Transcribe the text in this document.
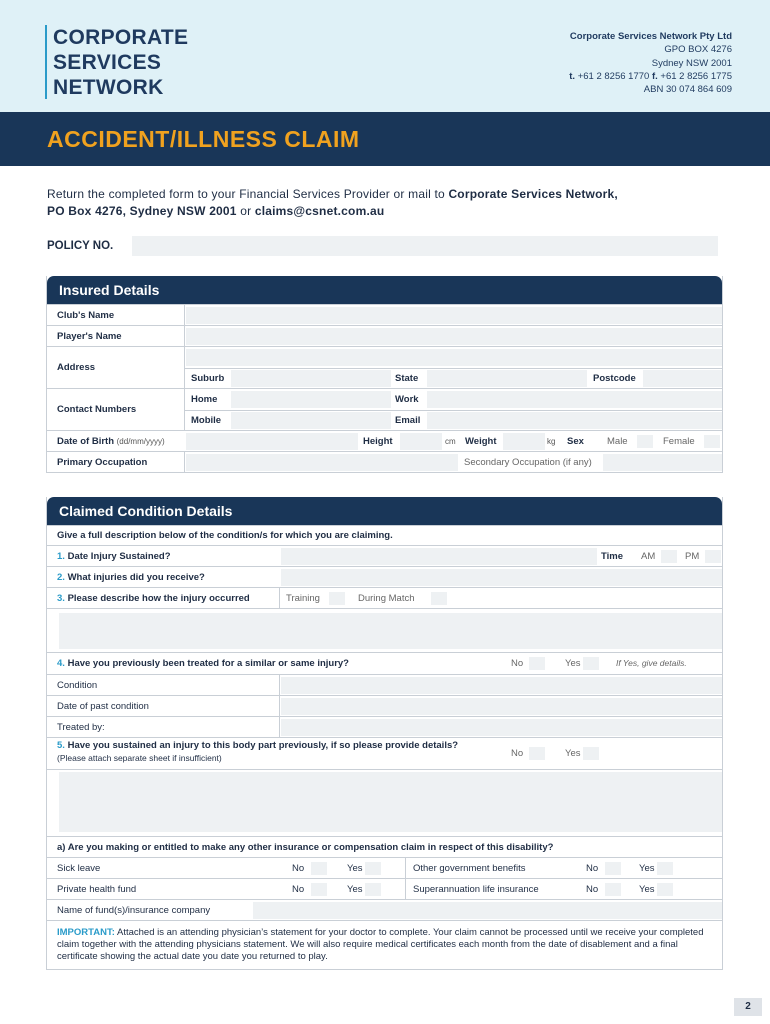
CORPORATE
SERVICES
NETWORK
Corporate Services Network Pty Ltd
GPO BOX 4276
Sydney NSW 2001
t. +61 2 8256 1770 f. +61 2 8256 1775
ABN 30 074 864 609
ACCIDENT/ILLNESS CLAIM
Return the completed form to your Financial Services Provider or mail to Corporate Services Network,
PO Box 4276, Sydney NSW 2001 or claims@csnet.com.au
POLICY NO.
Insured Details
Club's Name
Player's Name
Address
Suburb	State	Postcode
Contact Numbers
Home	Work
Mobile	Email
Date of Birth (dd/mm/yyyy)	Height	cm Weight	kg Sex Male	Female
Primary Occupation	Secondary Occupation (if any)
Claimed Condition Details
Give a full description below of the condition/s for which you are claiming.
1. Date Injury Sustained?	Time AM	PM
2. What injuries did you receive?
3. Please describe how the injury occurred	Training	During Match
4. Have you previously been treated for a similar or same injury?	No	Yes	If Yes, give details.
Condition
Date of past condition
Treated by:
5. Have you sustained an injury to this body part previously, if so please provide details?
(Please attach separate sheet if insufficient)	No	Yes
a) Are you making or entitled to make any other insurance or compensation claim in respect of this disability?
Sick leave	No	Yes	Other government benefits	No	Yes
Private health fund	No	Yes	Superannuation life insurance	No	Yes
Name of fund(s)/insurance company
IMPORTANT: Attached is an attending physician’s statement for your doctor to complete. Your claim cannot be processed until we receive your completed claim together with the attending physicians statement. We will also require medical certificates each month from the date of disablement and a final certificate showing the actual date you date you returned to play.
2
